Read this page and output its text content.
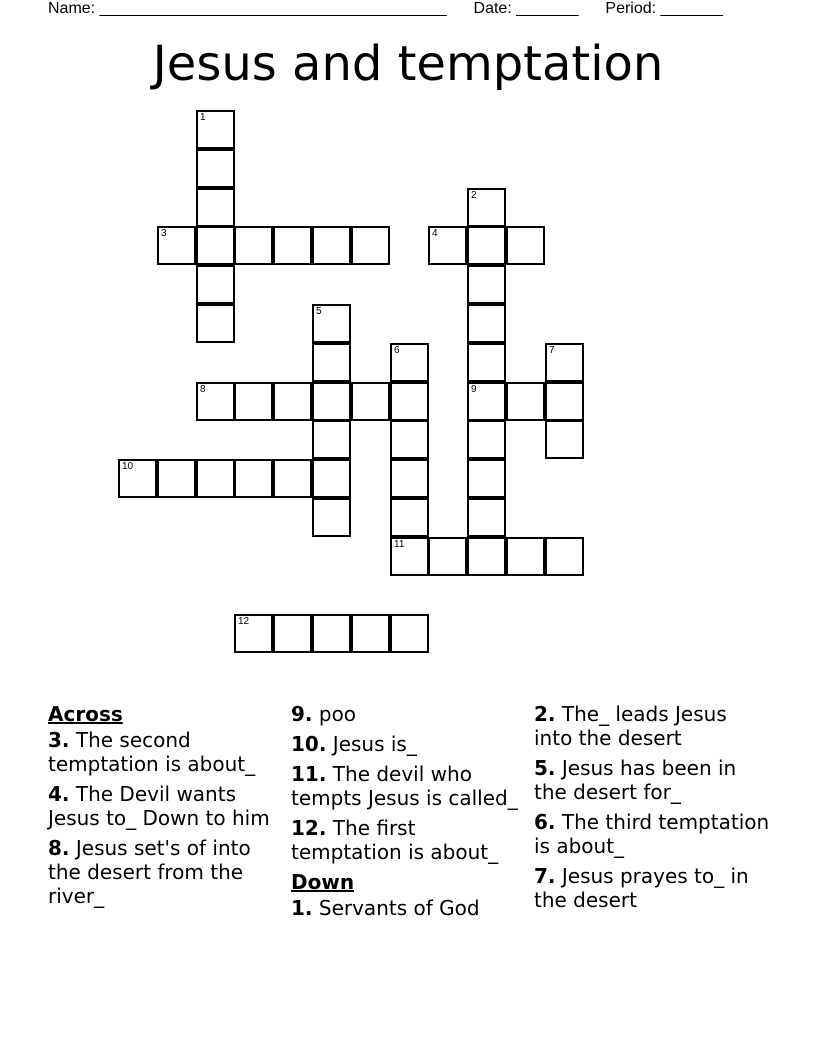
Name: _______________________________________ Date: _______ Period: _______
Jesus and temptation
1
2
9
3	4
5
6
11
7
8
10
12
Across
3. The second temptation is about_
4. The Devil wants Jesus to_ Down to him
8. Jesus set's of into the desert from the river_
9. poo
10. Jesus is_
11. The devil who tempts Jesus is called_
12. The first temptation is about_
Down
1. Servants of God
2. The_ leads Jesus into the desert
5. Jesus has been in the desert for_
6. The third temptation is about_
7. Jesus prayes to_ in the desert
